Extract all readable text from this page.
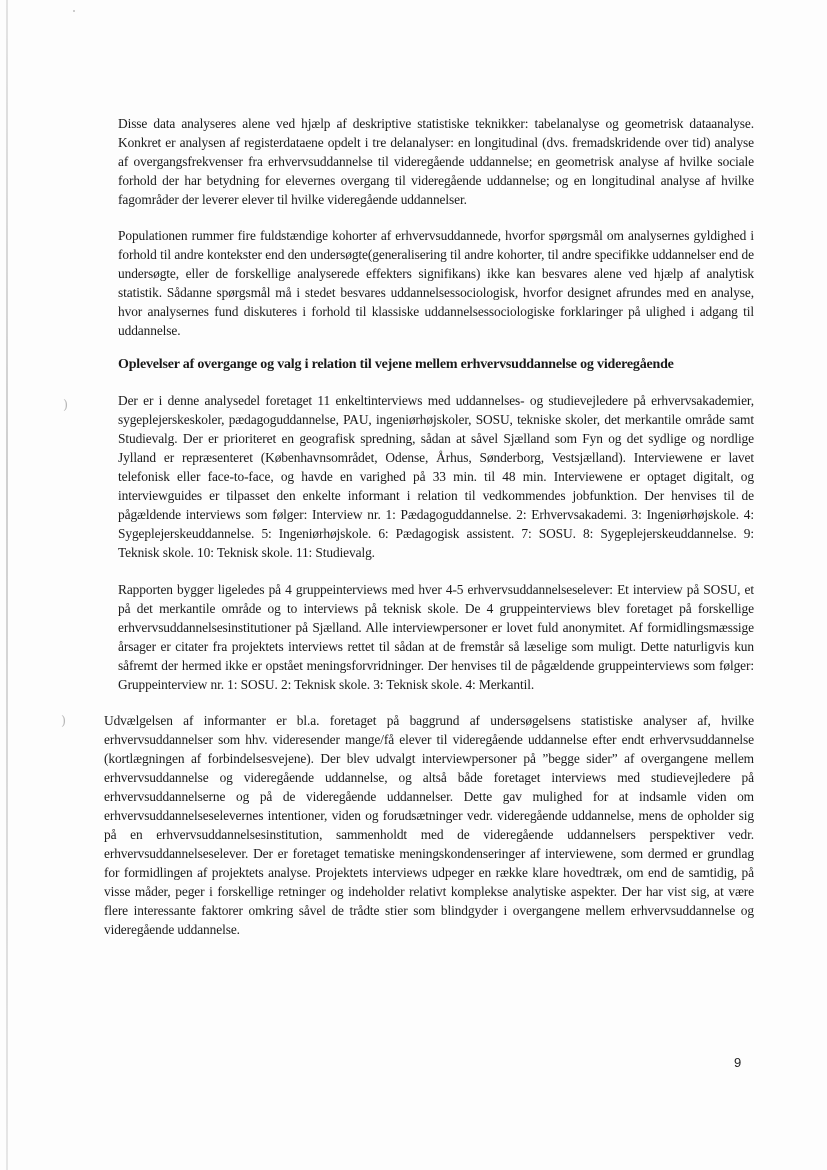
)
)

Disse data analyseres alene ved hjælp af deskriptive statistiske teknikker: tabelanalyse og geometrisk dataanalyse. Konkret er analysen af registerdataene opdelt i tre delanalyser: en longitudinal (dvs. fremadskridende over tid) analyse af overgangsfrekvenser fra erhvervsuddannelse til videregående uddannelse; en geometrisk analyse af hvilke sociale forhold der har betydning for elevernes overgang til videregående uddannelse; og en longitudinal analyse af hvilke fagområder der leverer elever til hvilke videregående uddannelser.

Populationen rummer fire fuldstændige kohorter af erhvervsuddannede, hvorfor spørgsmål om analysernes gyldighed i forhold til andre kontekster end den undersøgte(generalisering til andre kohorter, til andre specifikke uddannelser end de undersøgte, eller de forskellige analyserede effekters signifikans) ikke kan besvares alene ved hjælp af analytisk statistik. Sådanne spørgsmål må i stedet besvares uddannelsessociologisk, hvorfor designet afrundes med en analyse, hvor analysernes fund diskuteres i forhold til klassiske uddannelsessociologiske forklaringer på ulighed i adgang til uddannelse.

Oplevelser af overgange og valg i relation til vejene mellem erhvervsuddannelse og videregående

Der er i denne analysedel foretaget 11 enkeltinterviews med uddannelses- og studievejledere på erhvervsakademier, sygeplejerskeskoler, pædagoguddannelse, PAU, ingeniørhøjskoler, SOSU, tekniske skoler, det merkantile område samt Studievalg. Der er prioriteret en geografisk spredning, sådan at såvel Sjælland som Fyn og det sydlige og nordlige Jylland er repræsenteret (Københavnsområdet, Odense, Århus, Sønderborg, Vestsjælland). Interviewene er lavet telefonisk eller face-to-face, og havde en varighed på 33 min. til 48 min. Interviewene er optaget digitalt, og interviewguides er tilpasset den enkelte informant i relation til vedkommendes jobfunktion. Der henvises til de pågældende interviews som følger: Interview nr. 1: Pædagoguddannelse. 2: Erhvervsakademi. 3: Ingeniørhøjskole. 4: Sygeplejerskeuddannelse. 5: Ingeniørhøjskole. 6: Pædagogisk assistent. 7: SOSU. 8: Sygeplejerskeuddannelse. 9: Teknisk skole. 10: Teknisk skole. 11: Studievalg.

Rapporten bygger ligeledes på 4 gruppeinterviews med hver 4-5 erhvervsuddannelseselever: Et interview på SOSU, et på det merkantile område og to interviews på teknisk skole. De 4 gruppeinterviews blev foretaget på forskellige erhvervsuddannelsesinstitutioner på Sjælland. Alle interviewpersoner er lovet fuld anonymitet. Af formidlingsmæssige årsager er citater fra projektets interviews rettet til sådan at de fremstår så læselige som muligt. Dette naturligvis kun såfremt der hermed ikke er opstået meningsforvridninger. Der henvises til de pågældende gruppeinterviews som følger: Gruppeinterview nr. 1: SOSU. 2: Teknisk skole. 3: Teknisk skole. 4: Merkantil.

Udvælgelsen af informanter er bl.a. foretaget på baggrund af undersøgelsens statistiske analyser af, hvilke erhvervsuddannelser som hhv. videresender mange/få elever til videregående uddannelse efter endt erhvervsuddannelse (kortlægningen af forbindelsesvejene). Der blev udvalgt interviewpersoner på ”begge sider” af overgangene mellem erhvervsuddannelse og videregående uddannelse, og altså både foretaget interviews med studievejledere på erhvervsuddannelserne og på de videregående uddannelser. Dette gav mulighed for at indsamle viden om erhvervsuddannelseselevernes intentioner, viden og forudsætninger vedr. videregående uddannelse, mens de opholder sig på en erhvervsuddannelsesinstitution, sammenholdt med de videregående uddannelsers perspektiver vedr. erhvervsuddannelseselever. Der er foretaget tematiske meningskondenseringer af interviewene, som dermed er grundlag for formidlingen af projektets analyse. Projektets interviews udpeger en række klare hovedtræk, om end de samtidig, på visse måder, peger i forskellige retninger og indeholder relativt komplekse analytiske aspekter. Der har vist sig, at være flere interessante faktorer omkring såvel de trådte stier som blindgyder i overgangene mellem erhvervsuddannelse og videregående uddannelse.

9
